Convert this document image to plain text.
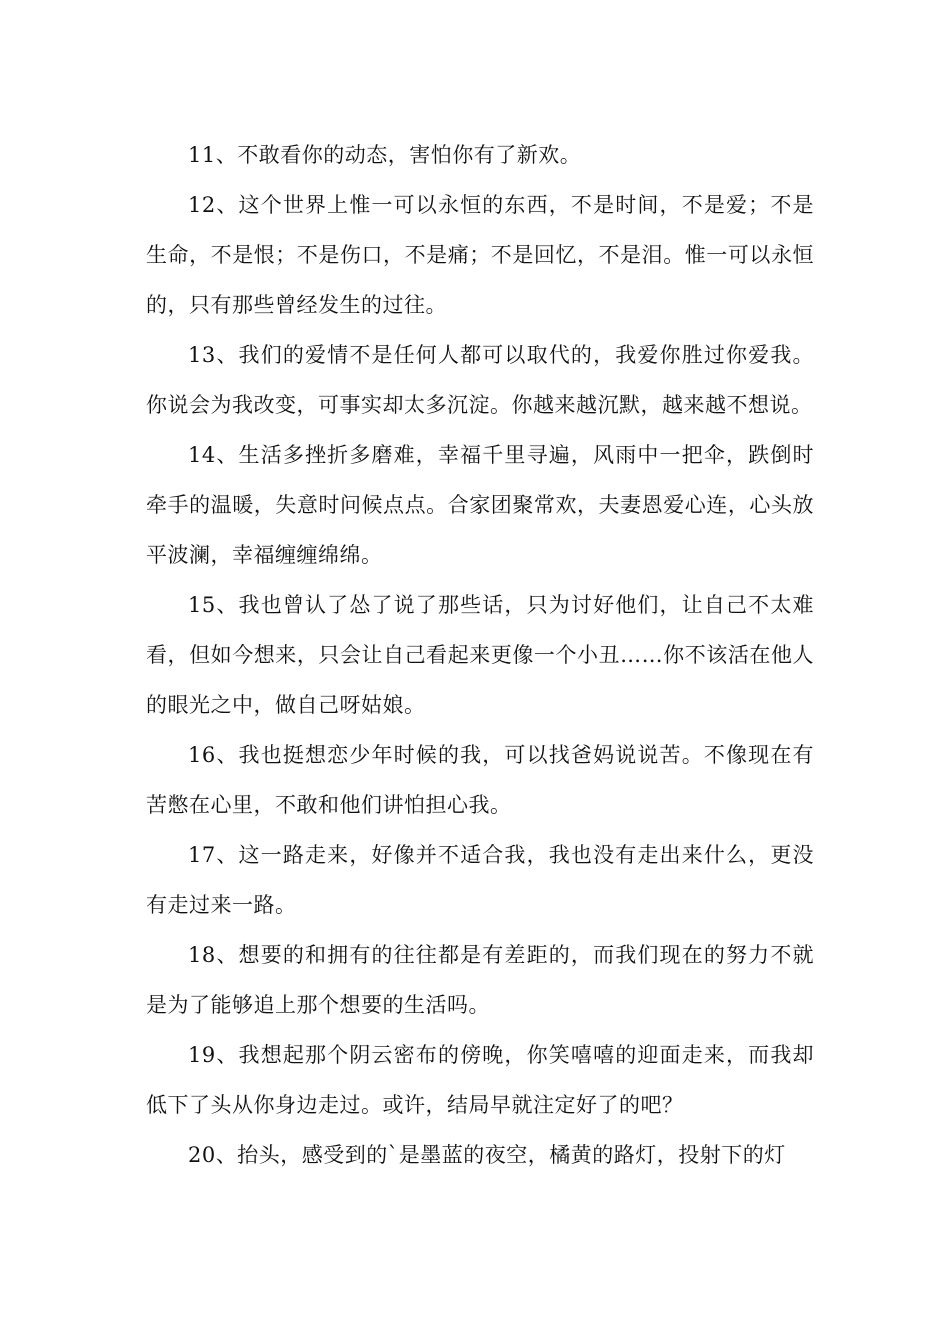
11、不敢看你的动态，害怕你有了新欢。

12、这个世界上惟一可以永恒的东西，不是时间，不是爱；不是生命，不是恨；不是伤口，不是痛；不是回忆，不是泪。惟一可以永恒的，只有那些曾经发生的过往。

13、我们的爱情不是任何人都可以取代的，我爱你胜过你爱我。你说会为我改变，可事实却太多沉淀。你越来越沉默，越来越不想说。

14、生活多挫折多磨难，幸福千里寻遍，风雨中一把伞，跌倒时牵手的温暖，失意时问候点点。合家团聚常欢，夫妻恩爱心连，心头放平波澜，幸福缠缠绵绵。

15、我也曾认了怂了说了那些话，只为讨好他们，让自己不太难看，但如今想来，只会让自己看起来更像一个小丑……你不该活在他人的眼光之中，做自己呀姑娘。

16、我也挺想恋少年时候的我，可以找爸妈说说苦。不像现在有苦憋在心里，不敢和他们讲怕担心我。

17、这一路走来，好像并不适合我，我也没有走出来什么，更没有走过来一路。

18、想要的和拥有的往往都是有差距的，而我们现在的努力不就是为了能够追上那个想要的生活吗。

19、我想起那个阴云密布的傍晚，你笑嘻嘻的迎面走来，而我却低下了头从你身边走过。或许，结局早就注定好了的吧？

20、抬头，感受到的`是墨蓝的夜空，橘黄的路灯，投射下的灯
